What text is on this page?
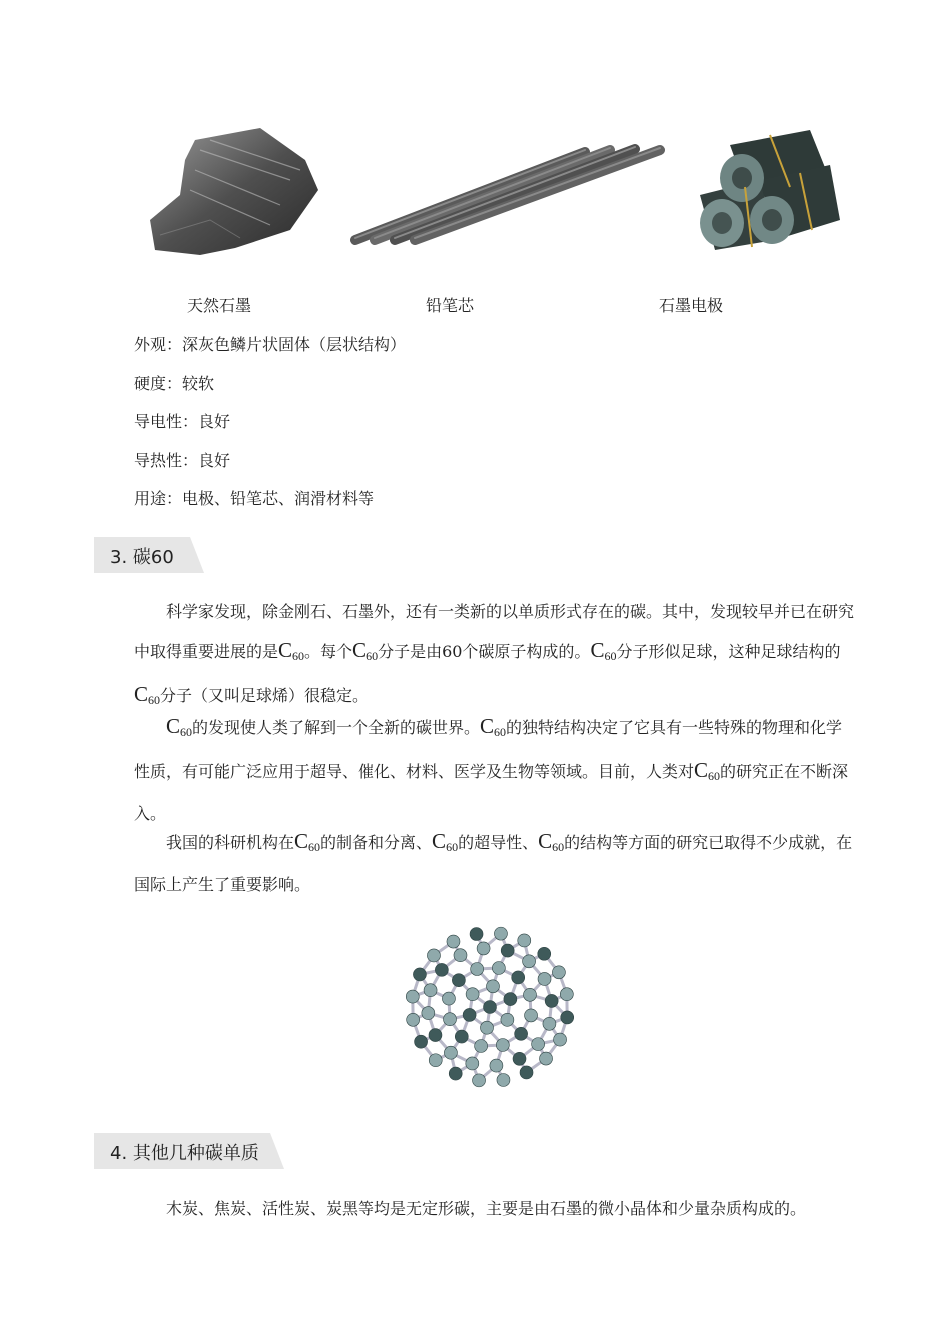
天然石墨	铅笔芯	石墨电极
外观：深灰色鳞片状固体（层状结构）
硬度：较软
导电性：良好
导热性：良好
用途：电极、铅笔芯、润滑材料等
3. 碳60
科学家发现，除金刚石、石墨外，还有一类新的以单质形式存在的碳。其中，发现较早并已在研究中取得重要进展的是$C_{60}$。每个$C_{60}$分子是由60个碳原子构成的。$C_{60}$分子形似足球，这种足球结构的$C_{60}$分子（又叫足球烯）很稳定。
$C_{60}$的发现使人类了解到一个全新的碳世界。$C_{60}$的独特结构决定了它具有一些特殊的物理和化学性质，有可能广泛应用于超导、催化、材料、医学及生物等领域。目前，人类对$C_{60}$的研究正在不断深入。
我国的科研机构在$C_{60}$的制备和分离、$C_{60}$的超导性、$C_{60}$的结构等方面的研究已取得不少成就，在国际上产生了重要影响。
4. 其他几种碳单质
木炭、焦炭、活性炭、炭黑等均是无定形碳，主要是由石墨的微小晶体和少量杂质构成的。
